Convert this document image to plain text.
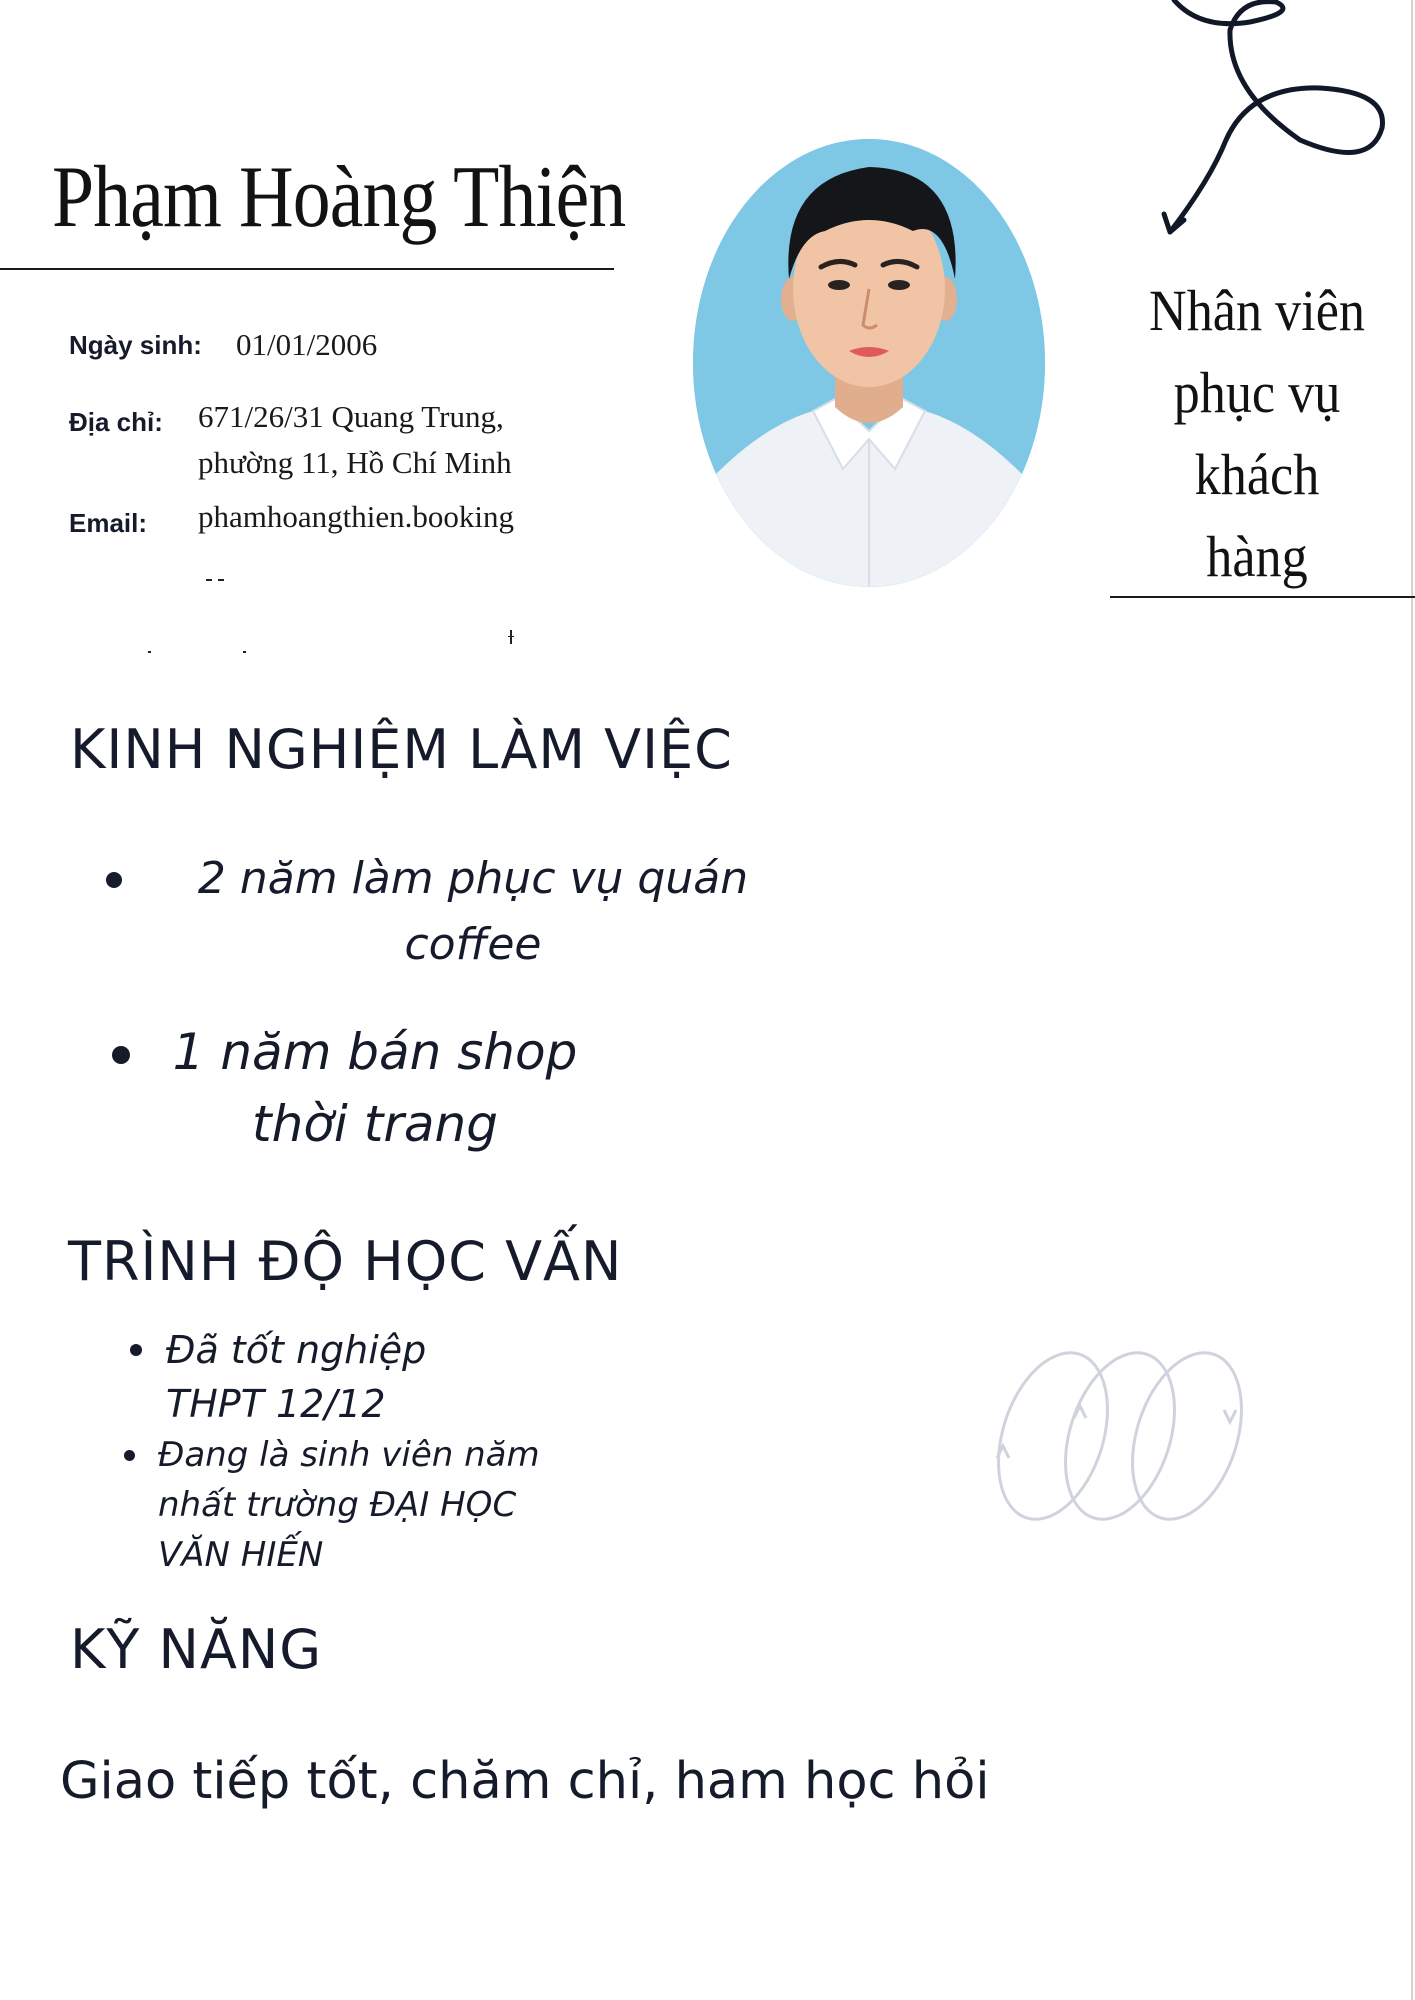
Phạm Hoàng Thiện
Ngày sinh: 01/01/2006
Địa chỉ: 671/26/31 Quang Trung,
phường 11, Hồ Chí Minh
Email: phamhoangthien.booking
Nhân viên
phục vụ
khách
hàng
KINH NGHIỆM LÀM VIỆC
2 năm làm phục vụ quán
coffee
1 năm bán shop
thời trang
TRÌNH ĐỘ HỌC VẤN
Đã tốt nghiệp
THPT 12/12
Đang là sinh viên năm
nhất trường ĐẠI HỌC
VĂN HIẾN
KỸ NĂNG
Giao tiếp tốt, chăm chỉ, ham học hỏi
